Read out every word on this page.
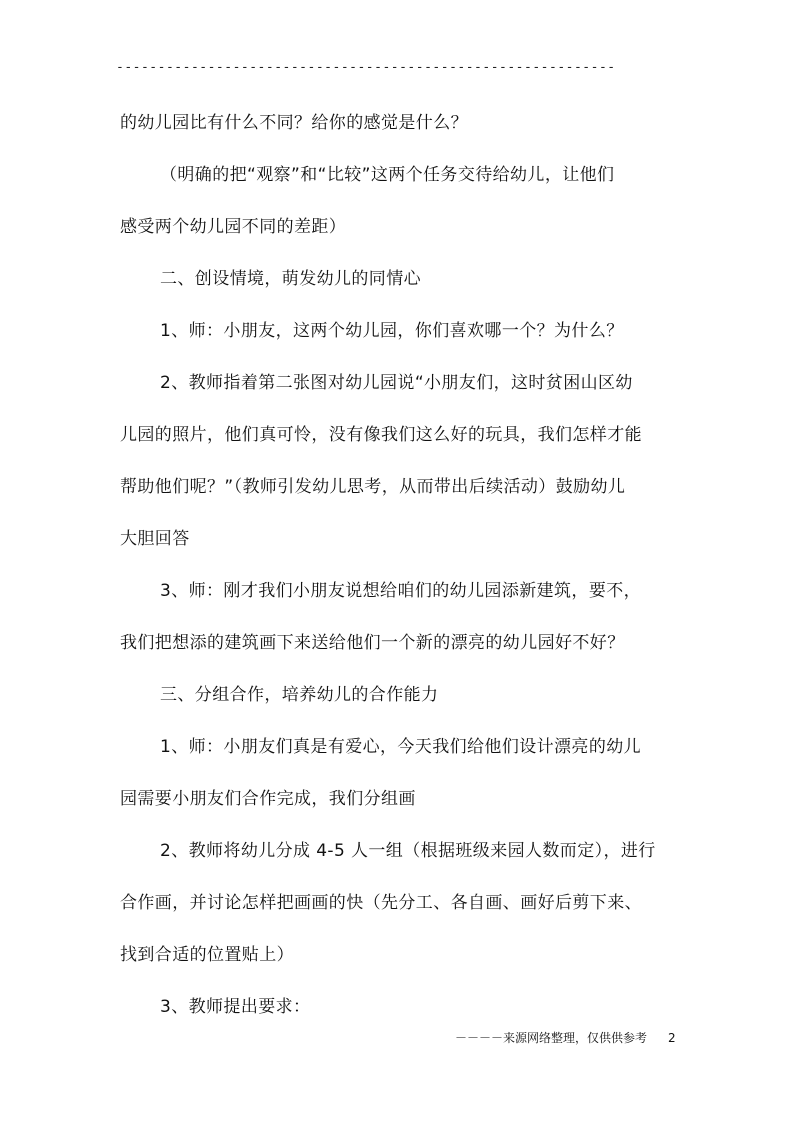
------------------------------------------------------------
的幼儿园比有什么不同？给你的感觉是什么？
（明确的把“观察”和“比较”这两个任务交待给幼儿，让他们
感受两个幼儿园不同的差距）
二、创设情境，萌发幼儿的同情心
1、师：小朋友，这两个幼儿园，你们喜欢哪一个？为什么？
2、教师指着第二张图对幼儿园说“小朋友们，这时贫困山区幼
儿园的照片，他们真可怜，没有像我们这么好的玩具，我们怎样才能
帮助他们呢？”（教师引发幼儿思考，从而带出后续活动）鼓励幼儿
大胆回答
3、师：刚才我们小朋友说想给咱们的幼儿园添新建筑，要不，
我们把想添的建筑画下来送给他们一个新的漂亮的幼儿园好不好？
三、分组合作，培养幼儿的合作能力
1、师：小朋友们真是有爱心，今天我们给他们设计漂亮的幼儿
园需要小朋友们合作完成，我们分组画
2、教师将幼儿分成 4-5 人一组（根据班级来园人数而定），进行
合作画，并讨论怎样把画画的快（先分工、各自画、画好后剪下来、
找到合适的位置贴上）
3、教师提出要求：
－－－－来源网络整理，仅供供参考 2
